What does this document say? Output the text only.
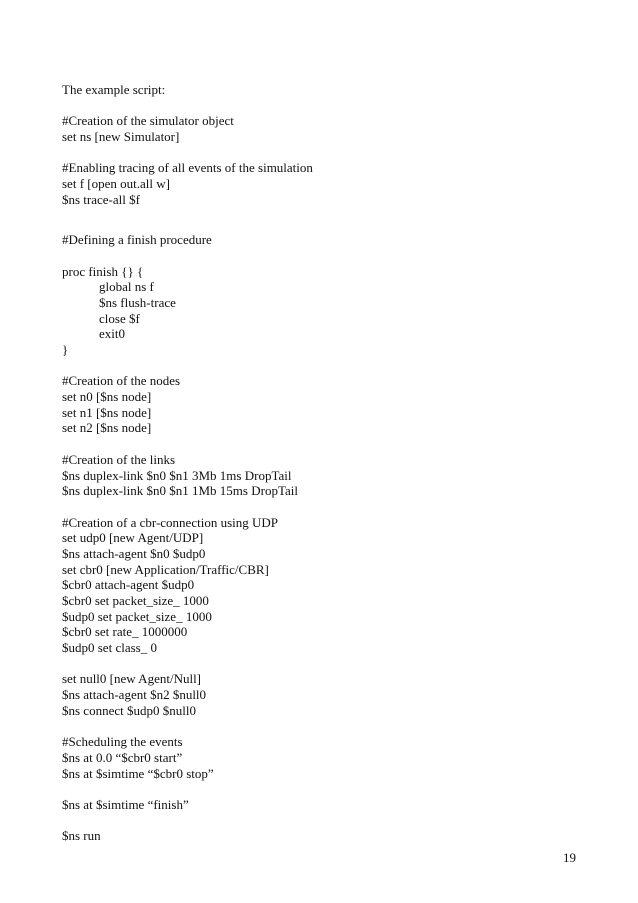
The example script:
#Creation of the simulator object
set ns [new Simulator]
#Enabling tracing of all events of the simulation
set f [open out.all w]
$ns trace-all $f
#Defining a finish procedure
proc finish {} {
global ns f
$ns flush-trace
close $f
exit0
}
#Creation of the nodes
set n0 [$ns node]
set n1 [$ns node]
set n2 [$ns node]
#Creation of the links
$ns duplex-link $n0 $n1 3Mb 1ms DropTail
$ns duplex-link $n0 $n1 1Mb 15ms DropTail
#Creation of a cbr-connection using UDP
set udp0 [new Agent/UDP]
$ns attach-agent $n0 $udp0
set cbr0 [new Application/Traffic/CBR]
$cbr0 attach-agent $udp0
$cbr0 set packet_size_ 1000
$udp0 set packet_size_ 1000
$cbr0 set rate_ 1000000
$udp0 set class_ 0
set null0 [new Agent/Null]
$ns attach-agent $n2 $null0
$ns connect $udp0 $null0
#Scheduling the events
$ns at 0.0 “$cbr0 start”
$ns at $simtime “$cbr0 stop”
$ns at $simtime “finish”
$ns run
19
